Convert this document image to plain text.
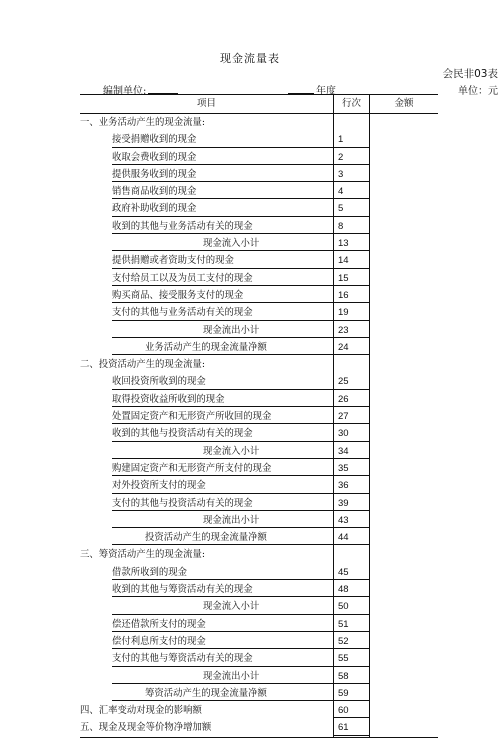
现金流量表
会民非03表
编制单位:	年度	单位：元
项目	行次	金额
一、业务活动产生的现金流量:
接受捐赠收到的现金	1
收取会费收到的现金	2
提供服务收到的现金	3
销售商品收到的现金	4
政府补助收到的现金	5
收到的其他与业务活动有关的现金	8
现金流入小计	13
提供捐赠或者资助支付的现金	14
支付给员工以及为员工支付的现金	15
购买商品、接受服务支付的现金	16
支付的其他与业务活动有关的现金	19
现金流出小计	23
业务活动产生的现金流量净额	24
二、投资活动产生的现金流量:
收回投资所收到的现金	25
取得投资收益所收到的现金	26
处置固定资产和无形资产所收回的现金	27
收到的其他与投资活动有关的现金	30
现金流入小计	34
购建固定资产和无形资产所支付的现金	35
对外投资所支付的现金	36
支付的其他与投资活动有关的现金	39
现金流出小计	43
投资活动产生的现金流量净额	44
三、筹资活动产生的现金流量:
借款所收到的现金	45
收到的其他与筹资活动有关的现金	48
现金流入小计	50
偿还借款所支付的现金	51
偿付利息所支付的现金	52
支付的其他与筹资活动有关的现金	55
现金流出小计	58
筹资活动产生的现金流量净额	59
四、汇率变动对现金的影响额	60
五、现金及现金等价物净增加额	61
